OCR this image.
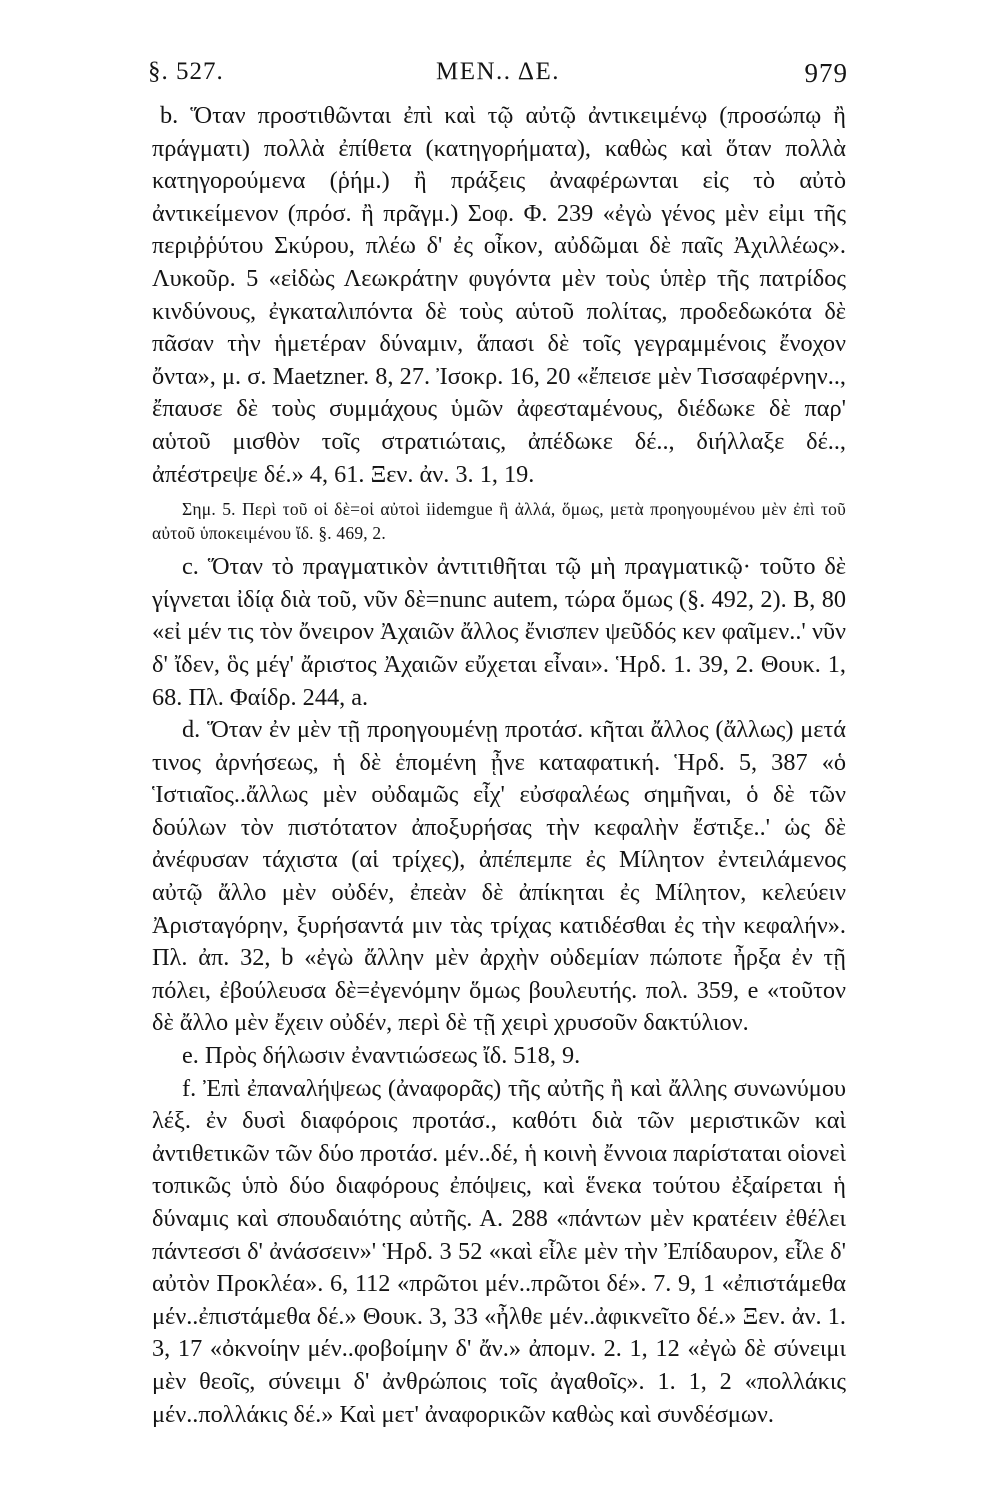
§. 527.	ΜΕΝ.. ΔΕ.	979

b. Ὅταν προστιθῶνται ἐπὶ καὶ τῷ αὐτῷ ἀντικειμένῳ (προσώπῳ ἢ πράγματι) πολλὰ ἐπίθετα (κατηγορήματα), καθὼς καὶ ὅταν πολλὰ κατηγορούμενα (ῥήμ.) ἢ πράξεις ἀναφέρωνται εἰς τὸ αὐτὸ ἀντικείμενον (πρόσ. ἢ πρᾶγμ.) Σοφ. Φ. 239 «ἐγὼ γένος μὲν εἰμι τῆς περιῤῥύτου Σκύρου, πλέω δ' ἐς οἶκον, αὐδῶμαι δὲ παῖς Ἀχιλλέως». Λυκοῦρ. 5 «εἰδὼς Λεωκράτην φυγόντα μὲν τοὺς ὑπὲρ τῆς πατρίδος κινδύνους, ἐγκαταλιπόντα δὲ τοὺς αὑτοῦ πολίτας, προδεδωκότα δὲ πᾶσαν τὴν ἡμετέραν δύναμιν, ἅπασι δὲ τοῖς γεγραμμένοις ἔνοχον ὄντα», μ. σ. Maetzner. 8, 27. Ἰσοκρ. 16, 20 «ἔπεισε μὲν Τισσαφέρνην.., ἔπαυσε δὲ τοὺς συμμάχους ὑμῶν ἀφεσταμένους, διέδωκε δὲ παρ' αὑτοῦ μισθὸν τοῖς στρατιώταις, ἀπέδωκε δέ.., διήλλαξε δέ.., ἀπέστρεψε δέ.» 4, 61. Ξεν. ἀν. 3. 1, 19.

Σημ. 5. Περὶ τοῦ οἱ δὲ=οἱ αὐτοὶ iidemgue ἢ ἀλλά, ὅμως, μετὰ προηγουμένου μὲν ἐπὶ τοῦ αὐτοῦ ὑποκειμένου ἴδ. §. 469, 2.

c. Ὅταν τὸ πραγματικὸν ἀντιτιθῆται τῷ μὴ πραγματικῷ· τοῦτο δὲ γίγνεται ἰδίᾳ διὰ τοῦ, νῦν δὲ=nunc autem, τώρα ὅμως (§. 492, 2). Β, 80 «εἰ μέν τις τὸν ὄνειρον Ἀχαιῶν ἄλλος ἔνισπεν ψεῦδός κεν φαῖμεν..' νῦν δ' ἴδεν, ὃς μέγ' ἄριστος Ἀχαιῶν εὔχεται εἶναι». Ἡρδ. 1. 39, 2. Θουκ. 1, 68. Πλ. Φαίδρ. 244, a.

d. Ὅταν ἐν μὲν τῇ προηγουμένῃ προτάσ. κῆται ἄλλος (ἄλλως) μετά τινος ἀρνήσεως, ἡ δὲ ἑπομένη ᾖνε καταφατική. Ἡρδ. 5, 387 «ὁ Ἱστιαῖος..ἄλλως μὲν οὐδαμῶς εἶχ' εὐσφαλέως σημῆναι, ὁ δὲ τῶν δούλων τὸν πιστότατον ἀποξυρήσας τὴν κεφαλὴν ἔστιξε..' ὡς δὲ ἀνέφυσαν τάχιστα (αἱ τρίχες), ἀπέπεμπε ἐς Μίλητον ἐντειλάμενος αὐτῷ ἄλλο μὲν οὐδέν, ἐπεὰν δὲ ἀπίκηται ἐς Μίλητον, κελεύειν Ἀρισταγόρην, ξυρήσαντά μιν τὰς τρίχας κατιδέσθαι ἐς τὴν κεφαλήν». Πλ. ἀπ. 32, b «ἐγὼ ἄλλην μὲν ἀρχὴν οὐδεμίαν πώποτε ἦρξα ἐν τῇ πόλει, ἐβούλευσα δὲ=ἐγενόμην ὅμως βουλευτής. πολ. 359, e «τοῦτον δὲ ἄλλο μὲν ἔχειν οὐδέν, περὶ δὲ τῇ χειρὶ χρυσοῦν δακτύλιον.

e. Πρὸς δήλωσιν ἐναντιώσεως ἴδ. 518, 9.

f. Ἐπὶ ἐπαναλήψεως (ἀναφορᾶς) τῆς αὐτῆς ἢ καὶ ἄλλης συνωνύμου λέξ. ἐν δυσὶ διαφόροις προτάσ., καθότι διὰ τῶν μεριστικῶν καὶ ἀντιθετικῶν τῶν δύο προτάσ. μέν..δέ, ἡ κοινὴ ἔννοια παρίσταται οἱονεὶ τοπικῶς ὑπὸ δύο διαφόρους ἐπόψεις, καὶ ἕνεκα τούτου ἐξαίρεται ἡ δύναμις καὶ σπουδαιότης αὐτῆς. Α. 288 «πάντων μὲν κρατέειν ἐθέλει πάντεσσι δ' ἀνάσσειν»' Ἡρδ. 3 52 «καὶ εἷλε μὲν τὴν Ἐπίδαυρον, εἷλε δ' αὐτὸν Προκλέα». 6, 112 «πρῶτοι μέν..πρῶτοι δέ». 7. 9, 1 «ἐπιστάμεθα μέν..ἐπιστάμεθα δέ.» Θουκ. 3, 33 «ἦλθε μέν..ἀφικνεῖτο δέ.» Ξεν. ἀν. 1. 3, 17 «ὀκνοίην μέν..φοβοίμην δ' ἄν.» ἀπομν. 2. 1, 12 «ἐγὼ δὲ σύνειμι μὲν θεοῖς, σύνειμι δ' ἀνθρώποις τοῖς ἀγαθοῖς». 1. 1, 2 «πολλάκις μέν..πολλάκις δέ.» Καὶ μετ' ἀναφορικῶν καθὼς καὶ συνδέσμων.
